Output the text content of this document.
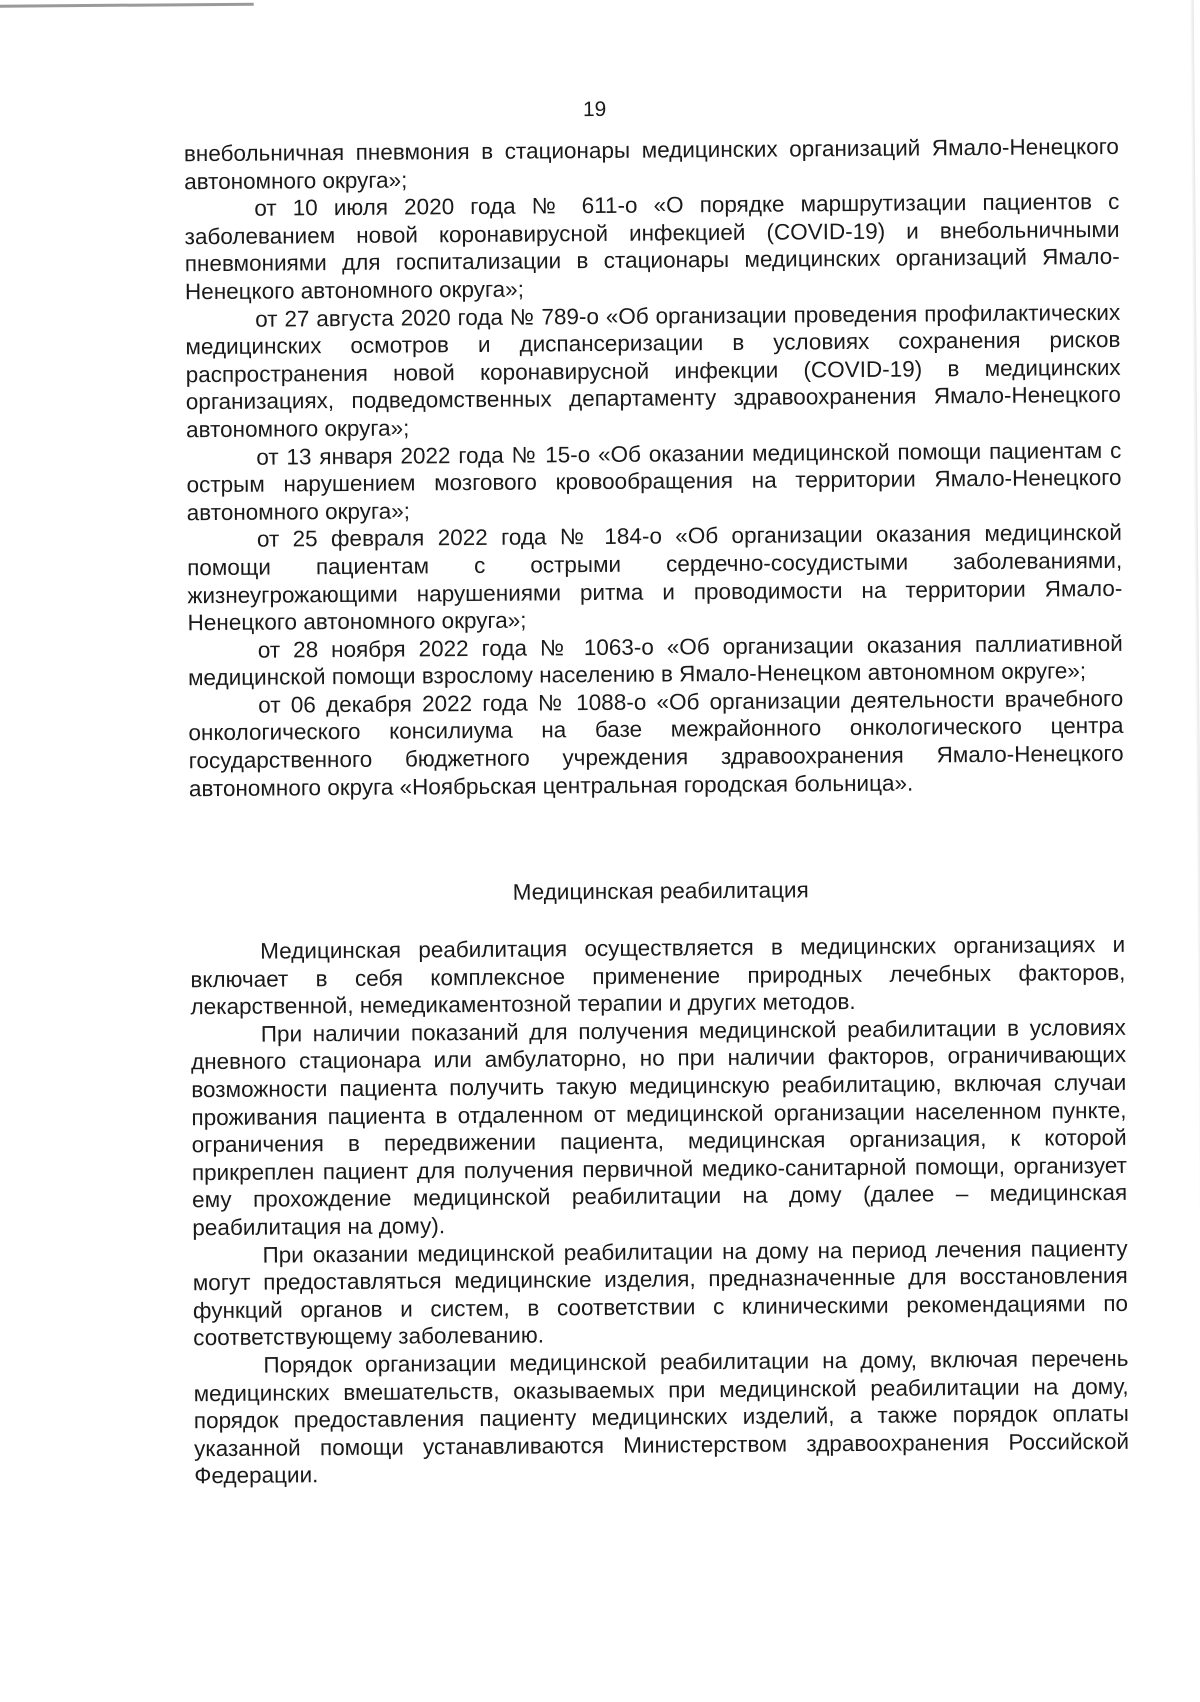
19

внебольничная пневмония в стационары медицинских организаций Ямало-Ненецкого автономного округа»;

от 10 июля 2020 года № 611-о «О порядке маршрутизации пациентов с заболеванием новой коронавирусной инфекцией (COVID-19) и внебольничными пневмониями для госпитализации в стационары медицинских организаций Ямало-Ненецкого автономного округа»;

от 27 августа 2020 года № 789-о «Об организации проведения профилактических медицинских осмотров и диспансеризации в условиях сохранения рисков распространения новой коронавирусной инфекции (COVID-19) в медицинских организациях, подведомственных департаменту здравоохранения Ямало-Ненецкого автономного округа»;

от 13 января 2022 года № 15-о «Об оказании медицинской помощи пациентам с острым нарушением мозгового кровообращения на территории Ямало-Ненецкого автономного округа»;

от 25 февраля 2022 года № 184-о «Об организации оказания медицинской помощи пациентам с острыми сердечно-сосудистыми заболеваниями, жизнеугрожающими нарушениями ритма и проводимости на территории Ямало-Ненецкого автономного округа»;

от 28 ноября 2022 года № 1063-о «Об организации оказания паллиативной медицинской помощи взрослому населению в Ямало-Ненецком автономном округе»;

от 06 декабря 2022 года № 1088-о «Об организации деятельности врачебного онкологического консилиума на базе межрайонного онкологического центра государственного бюджетного учреждения здравоохранения Ямало-Ненецкого автономного округа «Ноябрьская центральная городская больница».

Медицинская реабилитация

Медицинская реабилитация осуществляется в медицинских организациях и включает в себя комплексное применение природных лечебных факторов, лекарственной, немедикаментозной терапии и других методов.

При наличии показаний для получения медицинской реабилитации в условиях дневного стационара или амбулаторно, но при наличии факторов, ограничивающих возможности пациента получить такую медицинскую реабилитацию, включая случаи проживания пациента в отдаленном от медицинской организации населенном пункте, ограничения в передвижении пациента, медицинская организация, к которой прикреплен пациент для получения первичной медико-санитарной помощи, организует ему прохождение медицинской реабилитации на дому (далее – медицинская реабилитация на дому).

При оказании медицинской реабилитации на дому на период лечения пациенту могут предоставляться медицинские изделия, предназначенные для восстановления функций органов и систем, в соответствии с клиническими рекомендациями по соответствующему заболеванию.

Порядок организации медицинской реабилитации на дому, включая перечень медицинских вмешательств, оказываемых при медицинской реабилитации на дому, порядок предоставления пациенту медицинских изделий, а также порядок оплаты указанной помощи устанавливаются Министерством здравоохранения Российской Федерации.
